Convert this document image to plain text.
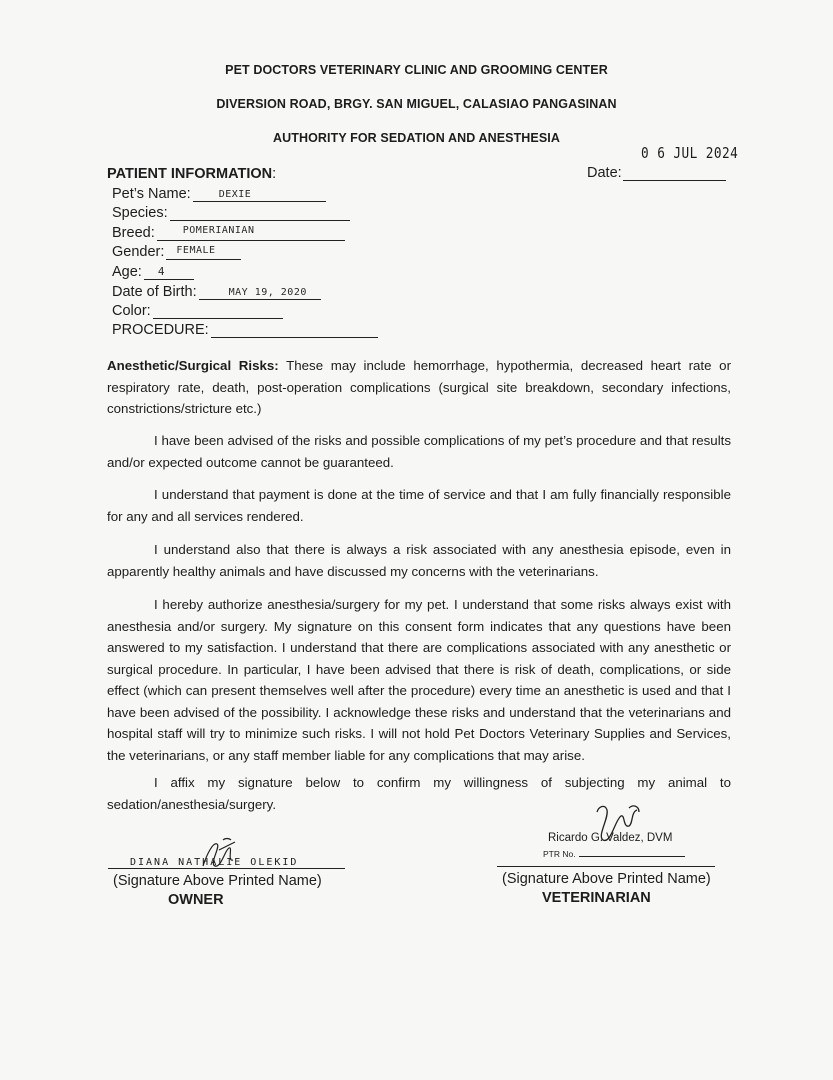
PET DOCTORS VETERINARY CLINIC AND GROOMING CENTER
DIVERSION ROAD, BRGY. SAN MIGUEL, CALASIAO PANGASINAN
AUTHORITY FOR SEDATION AND ANESTHESIA
0 6 JUL 2024
Date:
PATIENT INFORMATION:
Pet’s Name:	DEXIE
Species:
Breed:	POMERIANIAN
Gender: FEMALE
Age: 4
Date of Birth:	MAY 19, 2020
Color:
PROCEDURE:
Anesthetic/Surgical Risks: These may include hemorrhage, hypothermia, decreased heart rate or respiratory rate, death, post-operation complications (surgical site breakdown, secondary infections, constrictions/stricture etc.)
I have been advised of the risks and possible complications of my pet’s procedure and that results and/or expected outcome cannot be guaranteed.
I understand that payment is done at the time of service and that I am fully financially responsible for any and all services rendered.
I understand also that there is always a risk associated with any anesthesia episode, even in apparently healthy animals and have discussed my concerns with the veterinarians.
I hereby authorize anesthesia/surgery for my pet. I understand that some risks always exist with anesthesia and/or surgery. My signature on this consent form indicates that any questions have been answered to my satisfaction. I understand that there are complications associated with any anesthetic or surgical procedure. In particular, I have been advised that there is risk of death, complications, or side effect (which can present themselves well after the procedure) every time an anesthetic is used and that I have been advised of the possibility. I acknowledge these risks and understand that the veterinarians and hospital staff will try to minimize such risks. I will not hold Pet Doctors Veterinary Supplies and Services, the veterinarians, or any staff member liable for any complications that may arise.
I affix my signature below to confirm my willingness of subjecting my animal to sedation/anesthesia/surgery.
DIANA NATHALIE OLEKID
(Signature Above Printed Name)
OWNER
Ricardo G. Valdez, DVM
PTR No.
(Signature Above Printed Name)
VETERINARIAN
